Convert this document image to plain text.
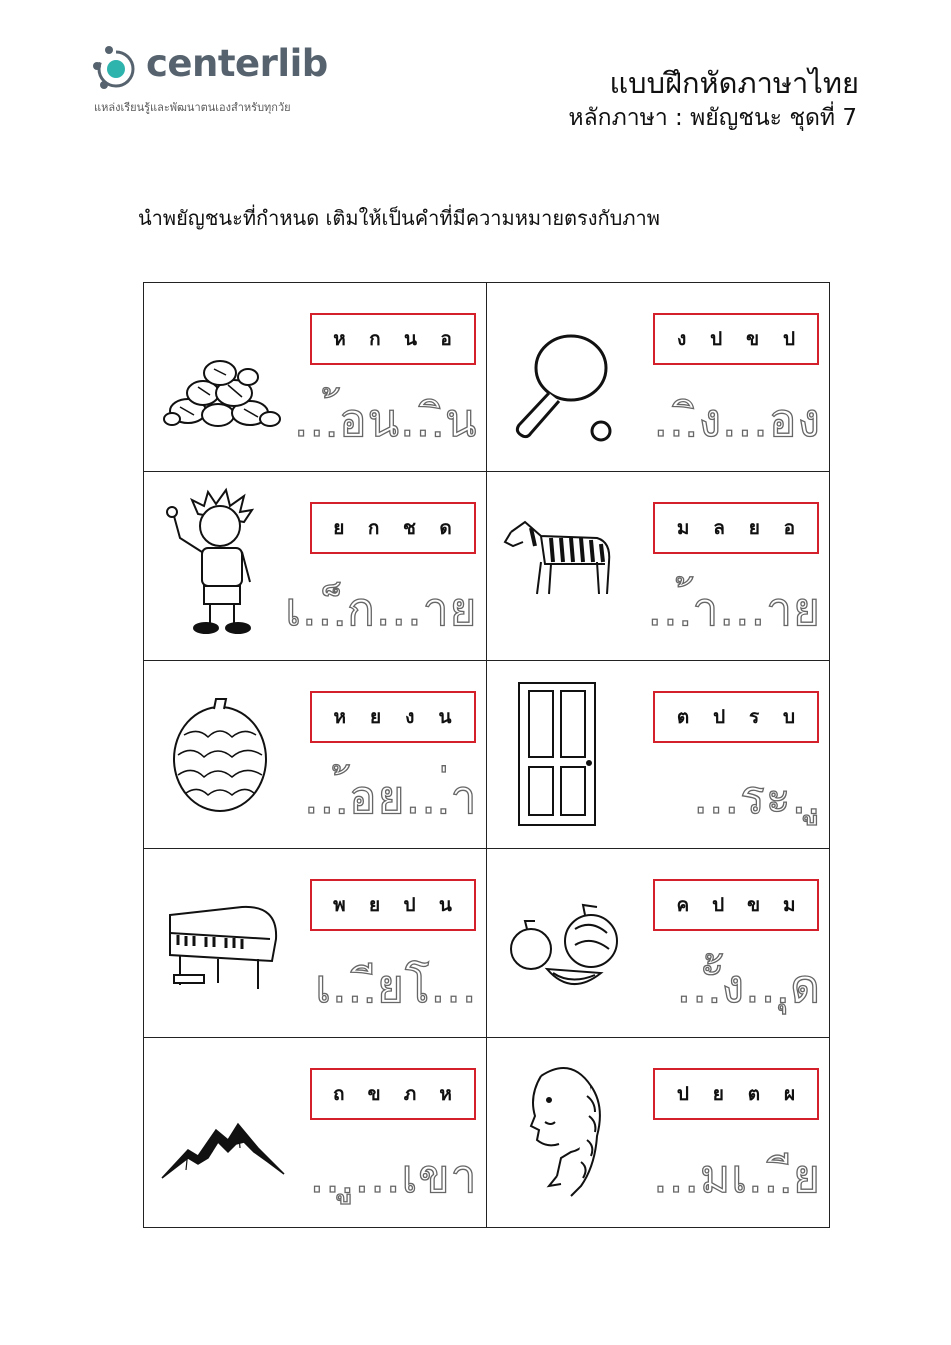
centerlib
แหล่งเรียนรู้และพัฒนาตนเองสำหรับทุกวัย
แบบฝึกหัดภาษาไทย
หลักภาษา : พยัญชนะ ชุดที่ 7
นำพยัญชนะที่กำหนด เติมให้เป็นคำที่มีความหมายตรงกับภาพ
ห ก น อ
...้อน...ิน
ง ป ข ป
...ิง...อง
ย ก ช ด
เ...็ก...าย
ม ล ย อ
...้า...าย
ห ย ง น
...้อย...่า
ต ป ร บ
...ระ..ู
พ ย ป น
เ...ียโ...
ค ป ข ม
...ั้ง...ุด
ถ ข ภ ห
...ู...เขา
ป ย ต ผ
...มเ...ีย
